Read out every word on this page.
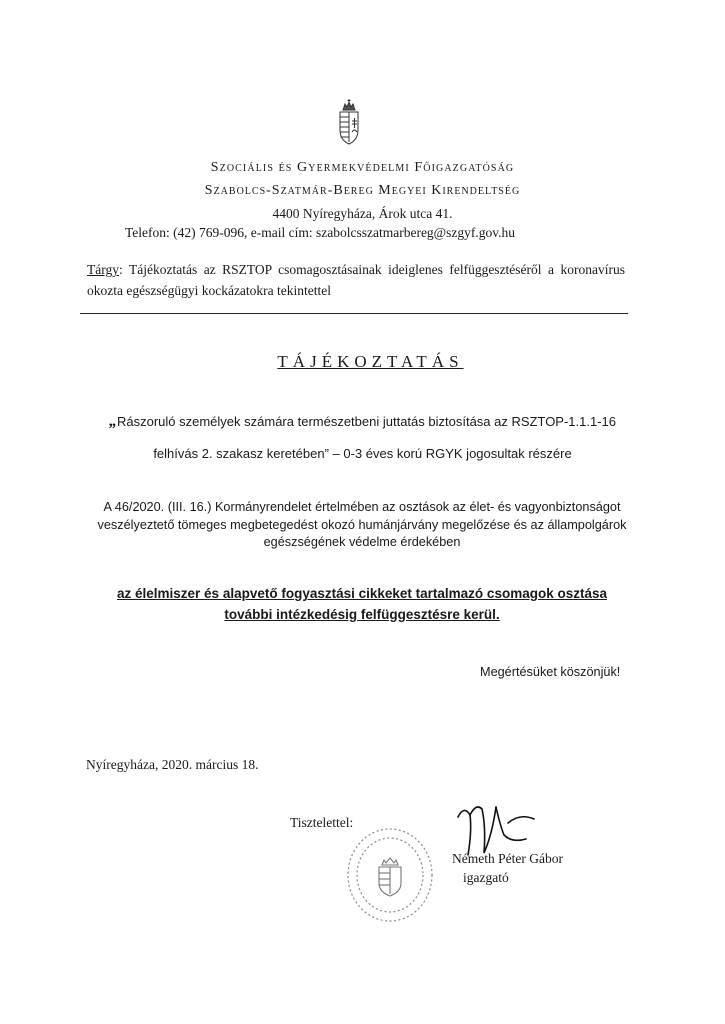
Szociális és Gyermekvédelmi Főigazgatóság
Szabolcs-Szatmár-Bereg Megyei Kirendeltség
4400 Nyíregyháza, Árok utca 41.
Telefon: (42) 769-096, e-mail cím: szabolcsszatmarbereg@szgyf.gov.hu
Tárgy: Tájékoztatás az RSZTOP csomagosztásainak ideiglenes felfüggesztéséről a koronavírus okozta egészségügyi kockázatokra tekintettel
TÁJÉKOZTATÁS
„Rászoruló személyek számára természetbeni juttatás biztosítása az RSZTOP-1.1.1-16
felhívás 2. szakasz keretében” – 0-3 éves korú RGYK jogosultak részére
A 46/2020. (III. 16.) Kormányrendelet értelmében az osztások az élet- és vagyonbiztonságot veszélyeztető tömeges megbetegedést okozó humánjárvány megelőzése és az állampolgárok egészségének védelme érdekében
az élelmiszer és alapvető fogyasztási cikkeket tartalmazó csomagok osztása további intézkedésig felfüggesztésre kerül.
Megértésüket köszönjük!
Nyíregyháza, 2020. március 18.
Tisztelettel:
Németh Péter Gábor
igazgató
